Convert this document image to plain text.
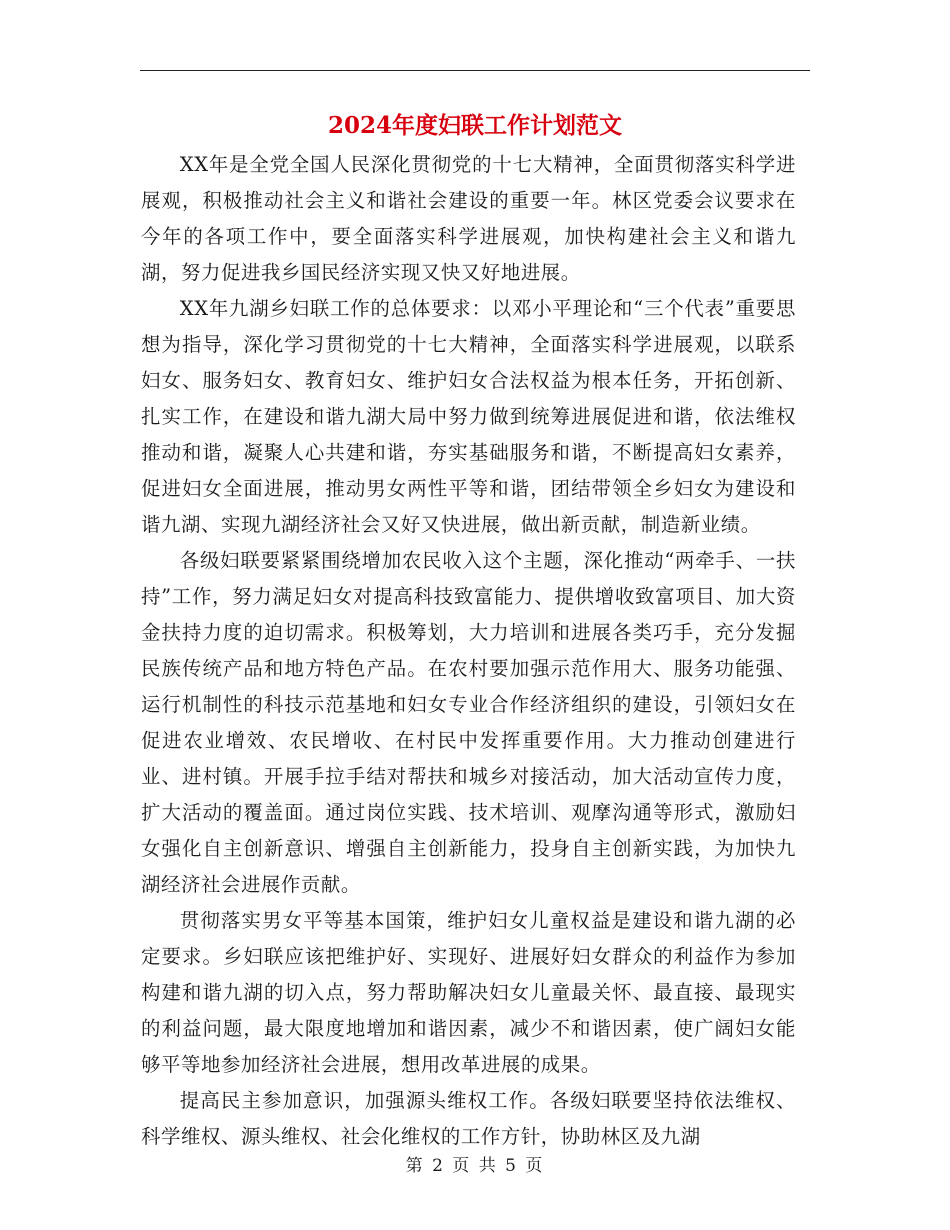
2024年度妇联工作计划范文

XX年是全党全国人民深化贯彻党的十七大精神，全面贯彻落实科学进展观，积极推动社会主义和谐社会建设的重要一年。林区党委会议要求在今年的各项工作中，要全面落实科学进展观，加快构建社会主义和谐九湖，努力促进我乡国民经济实现又快又好地进展。

XX年九湖乡妇联工作的总体要求：以邓小平理论和“三个代表”重要思想为指导，深化学习贯彻党的十七大精神，全面落实科学进展观，以联系妇女、服务妇女、教育妇女、维护妇女合法权益为根本任务，开拓创新、扎实工作，在建设和谐九湖大局中努力做到统筹进展促进和谐，依法维权推动和谐，凝聚人心共建和谐，夯实基础服务和谐，不断提高妇女素养，促进妇女全面进展，推动男女两性平等和谐，团结带领全乡妇女为建设和谐九湖、实现九湖经济社会又好又快进展，做出新贡献，制造新业绩。

各级妇联要紧紧围绕增加农民收入这个主题，深化推动“两牵手、一扶持”工作，努力满足妇女对提高科技致富能力、提供增收致富项目、加大资金扶持力度的迫切需求。积极筹划，大力培训和进展各类巧手，充分发掘民族传统产品和地方特色产品。在农村要加强示范作用大、服务功能强、运行机制性的科技示范基地和妇女专业合作经济组织的建设，引领妇女在促进农业增效、农民增收、在村民中发挥重要作用。大力推动创建进行业、进村镇。开展手拉手结对帮扶和城乡对接活动，加大活动宣传力度，扩大活动的覆盖面。通过岗位实践、技术培训、观摩沟通等形式，激励妇女强化自主创新意识、增强自主创新能力，投身自主创新实践，为加快九湖经济社会进展作贡献。

贯彻落实男女平等基本国策，维护妇女儿童权益是建设和谐九湖的必定要求。乡妇联应该把维护好、实现好、进展好妇女群众的利益作为参加构建和谐九湖的切入点，努力帮助解决妇女儿童最关怀、最直接、最现实的利益问题，最大限度地增加和谐因素，减少不和谐因素，使广阔妇女能够平等地参加经济社会进展，想用改革进展的成果。

提高民主参加意识，加强源头维权工作。各级妇联要坚持依法维权、科学维权、源头维权、社会化维权的工作方针，协助林区及九湖

第 2 页 共 5 页
